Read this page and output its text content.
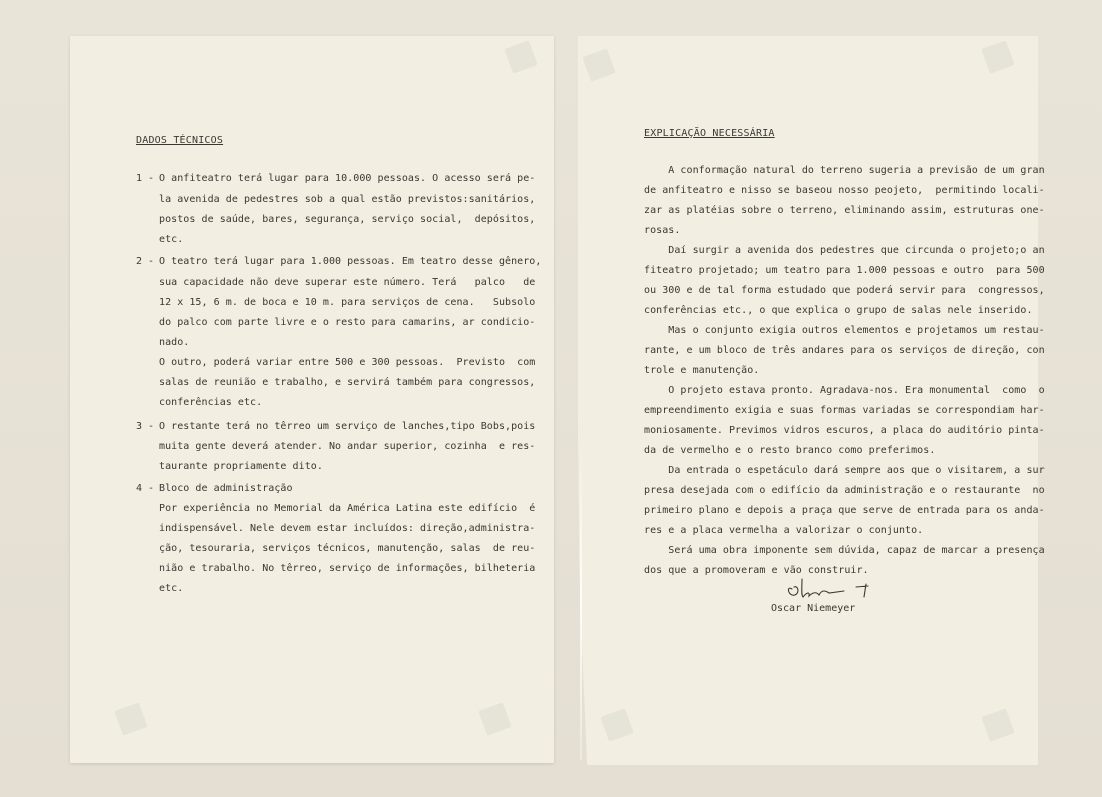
DADOS TÉCNICOS
1 - O anfiteatro terá lugar para 10.000 pessoas. O acesso será pe-
la avenida de pedestres sob a qual estão previstos:sanitários,
postos de saúde, bares, segurança, serviço social,  depósitos,
etc.
2 - O teatro terá lugar para 1.000 pessoas. Em teatro desse gênero,
sua capacidade não deve superar este número. Terá   palco   de
12 x 15, 6 m. de boca e 10 m. para serviços de cena.   Subsolo
do palco com parte livre e o resto para camarins, ar condicio-
nado.
O outro, poderá variar entre 500 e 300 pessoas.  Previsto  com
salas de reunião e trabalho, e servirá também para congressos,
conferências etc.
3 - O restante terá no têrreo um serviço de lanches,tipo Bobs,pois
muita gente deverá atender. No andar superior, cozinha  e res-
taurante propriamente dito.
4 - Bloco de administração
Por experiência no Memorial da América Latina este edifício  é
indispensável. Nele devem estar incluídos: direção,administra-
ção, tesouraria, serviços técnicos, manutenção, salas  de reu-
nião e trabalho. No têrreo, serviço de informações, bilheteria
etc.
EXPLICAÇÃO NECESSÁRIA
A conformação natural do terreno sugeria a previsão de um gran
de anfiteatro e nisso se baseou nosso peojeto,  permitindo locali-
zar as platéias sobre o terreno, eliminando assim, estruturas one-
rosas.
Daí surgir a avenida dos pedestres que circunda o projeto;o an
fiteatro projetado; um teatro para 1.000 pessoas e outro  para 500
ou 300 e de tal forma estudado que poderá servir para  congressos,
conferências etc., o que explica o grupo de salas nele inserido.
Mas o conjunto exigia outros elementos e projetamos um restau-
rante, e um bloco de três andares para os serviços de direção, con
trole e manutenção.
O projeto estava pronto. Agradava-nos. Era monumental  como  o
empreendimento exigia e suas formas variadas se correspondiam har-
moniosamente. Previmos vidros escuros, a placa do auditório pinta-
da de vermelho e o resto branco como preferimos.
Da entrada o espetáculo dará sempre aos que o visitarem, a sur
presa desejada com o edifício da administração e o restaurante  no
primeiro plano e depois a praça que serve de entrada para os anda-
res e a placa vermelha a valorizar o conjunto.
Será uma obra imponente sem dúvida, capaz de marcar a presença
dos que a promoveram e vão construir.
Oscar Niemeyer
